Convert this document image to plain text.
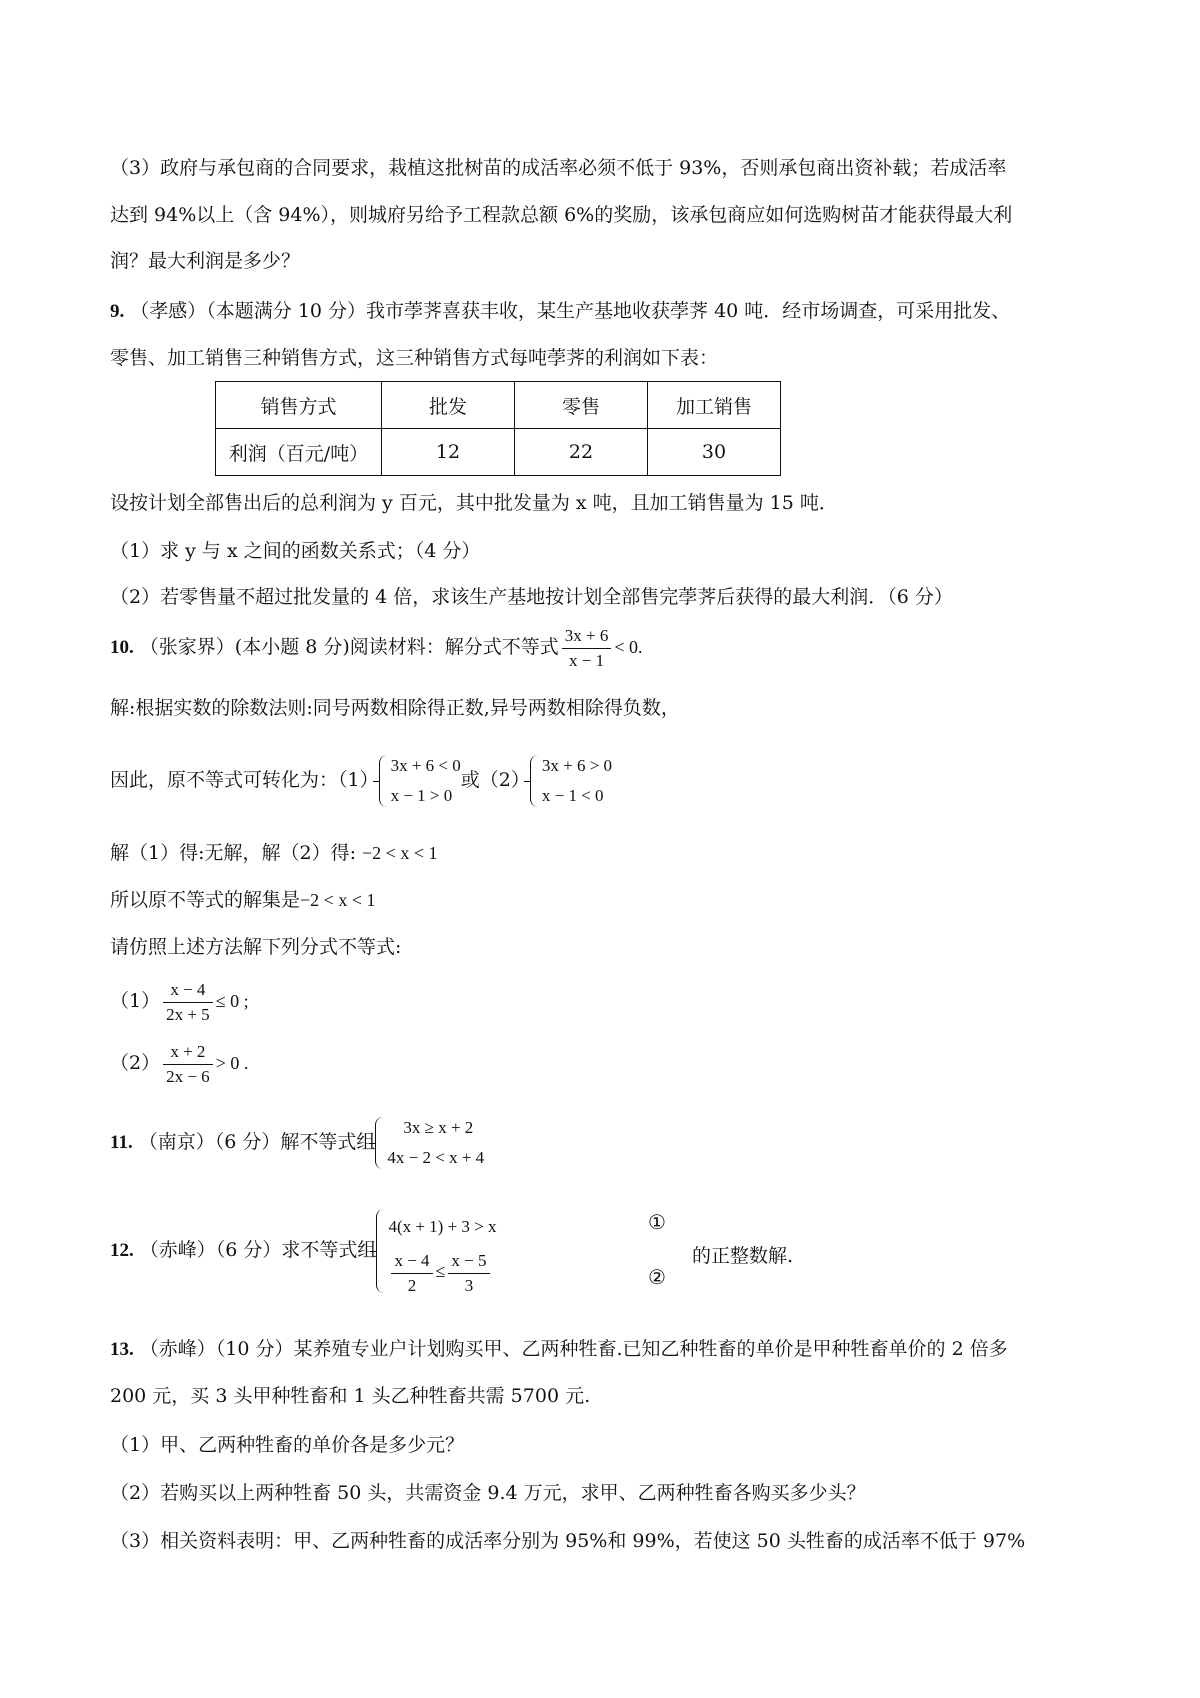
（3）政府与承包商的合同要求，栽植这批树苗的成活率必须不低于 93%，否则承包商出资补载；若成活率
达到 94%以上（含 94%），则城府另给予工程款总额 6%的奖励，该承包商应如何选购树苗才能获得最大利
润？最大利润是多少？
9. （孝感）（本题满分 10 分）我市荸荠喜获丰收，某生产基地收获荸荠 40 吨．经市场调查，可采用批发、
零售、加工销售三种销售方式，这三种销售方式每吨荸荠的利润如下表：
销售方式	批发	零售	加工销售
利润（百元/吨）	12	22	30
设按计划全部售出后的总利润为 y 百元，其中批发量为 x 吨，且加工销售量为 15 吨．
（1）求 y 与 x 之间的函数关系式；（4 分）
（2）若零售量不超过批发量的 4 倍，求该生产基地按计划全部售完荸荠后获得的最大利润．（6 分）
10. （张家界）(本小题 8 分)阅读材料：解分式不等式 $\frac{3x + 6}{x - 1} < 0$.
解:根据实数的除数法则:同号两数相除得正数,异号两数相除得负数，
因此，原不等式可转化为：（1）
3x + 6 < 0
x − 1 > 0
或（2）
3x + 6 > 0
x − 1 < 0
解（1）得:无解，解（2）得: −2 < x < 1
所以原不等式的解集是−2 < x < 1
请仿照上述方法解下列分式不等式:
$(1) \frac{x - 4}{2x + 5} \le 0$ ;
$(2) \frac{x + 2}{2x - 6} > 0$ .
11. （南京）（6 分）解不等式组
3x ≥ x + 2
4x − 2 < x + 4
12. （赤峰）（6 分）求不等式组
4(x + 1) + 3 > x
$\frac{x - 4}{2} \le \frac{x - 5}{3}$
①
②
的正整数解.
13. （赤峰）（10 分）某养殖专业户计划购买甲、乙两种牲畜.已知乙种牲畜的单价是甲种牲畜单价的 2 倍多
200 元，买 3 头甲种牲畜和 1 头乙种牲畜共需 5700 元.
（1）甲、乙两种牲畜的单价各是多少元？
（2）若购买以上两种牲畜 50 头，共需资金 9.4 万元，求甲、乙两种牲畜各购买多少头？
（3）相关资料表明：甲、乙两种牲畜的成活率分别为 95%和 99%，若使这 50 头牲畜的成活率不低于 97%
